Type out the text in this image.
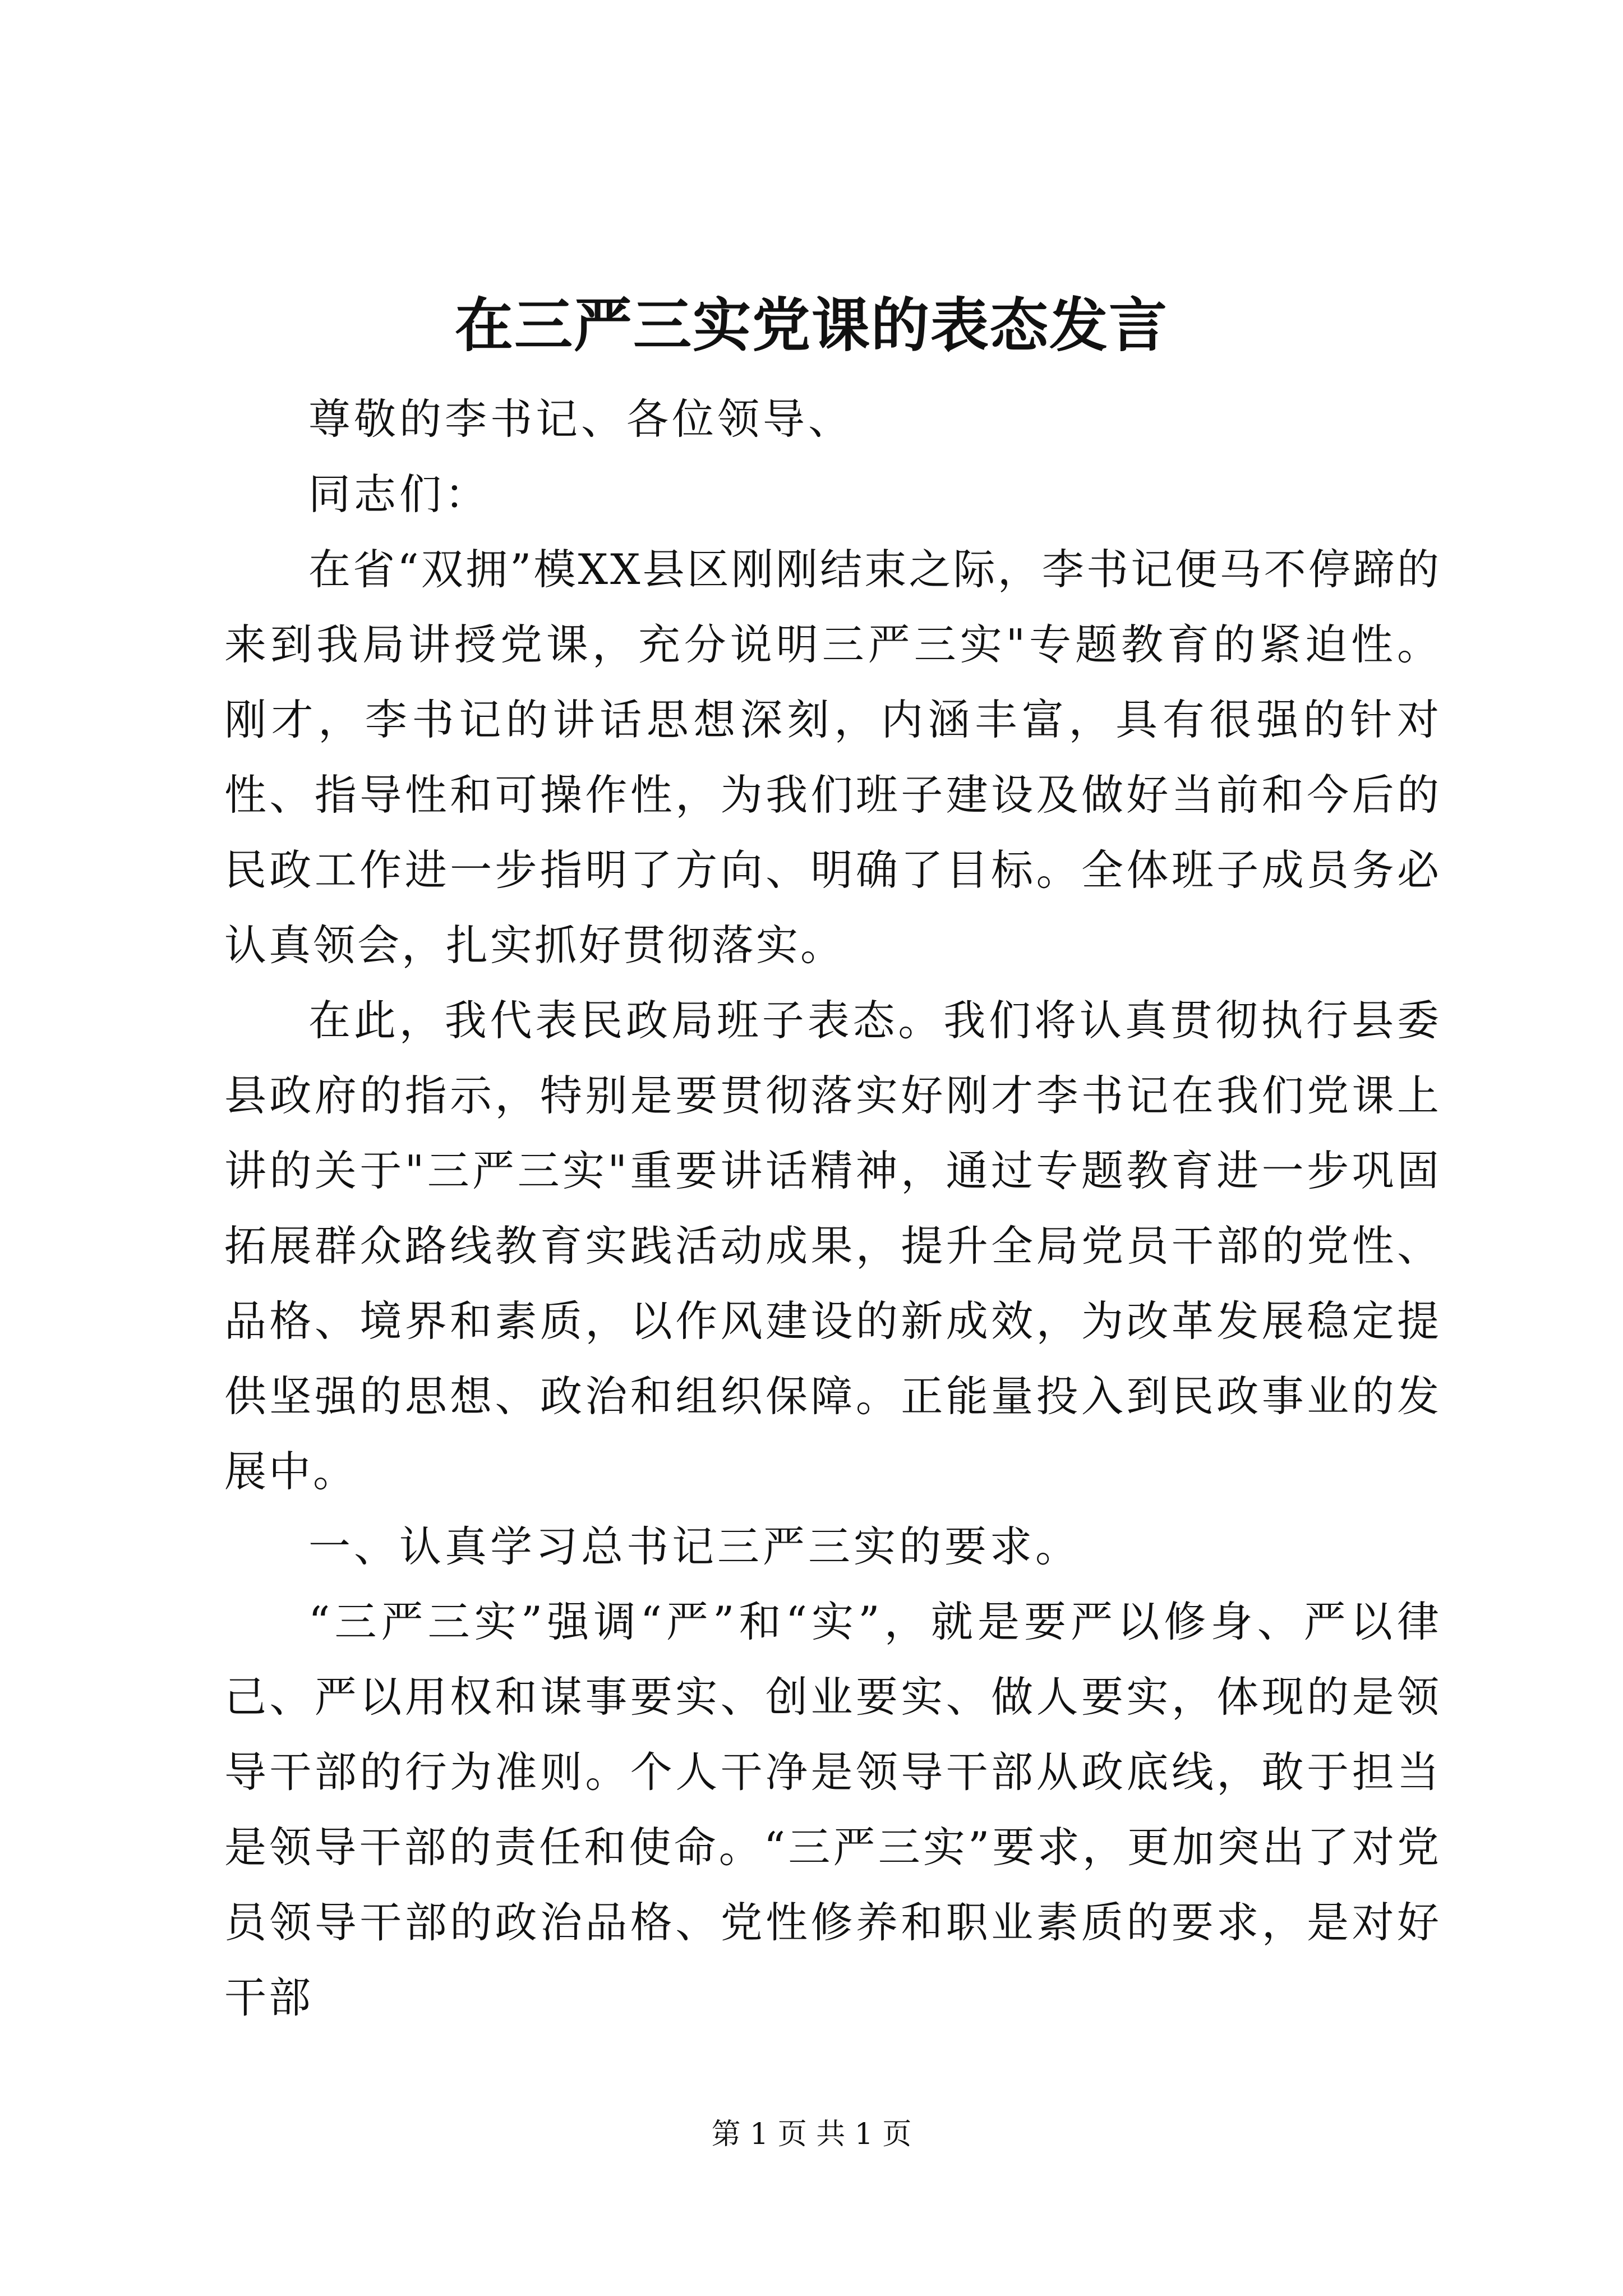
在三严三实党课的表态发言

尊敬的李书记、各位领导、

同志们：

在省“双拥”模XX县区刚刚结束之际，李书记便马不停蹄的来到我局讲授党课，充分说明三严三实"专题教育的紧迫性。刚才，李书记的讲话思想深刻，内涵丰富，具有很强的针对性、指导性和可操作性，为我们班子建设及做好当前和今后的民政工作进一步指明了方向、明确了目标。全体班子成员务必认真领会，扎实抓好贯彻落实。

在此，我代表民政局班子表态。我们将认真贯彻执行县委县政府的指示，特别是要贯彻落实好刚才李书记在我们党课上讲的关于"三严三实"重要讲话精神，通过专题教育进一步巩固拓展群众路线教育实践活动成果，提升全局党员干部的党性、品格、境界和素质，以作风建设的新成效，为改革发展稳定提供坚强的思想、政治和组织保障。正能量投入到民政事业的发展中。

一、认真学习总书记三严三实的要求。

“三严三实”强调“严”和“实”，就是要严以修身、严以律己、严以用权和谋事要实、创业要实、做人要实，体现的是领导干部的行为准则。个人干净是领导干部从政底线，敢于担当是领导干部的责任和使命。“三严三实”要求，更加突出了对党员领导干部的政治品格、党性修养和职业素质的要求，是对好干部

第 1 页 共 1 页
